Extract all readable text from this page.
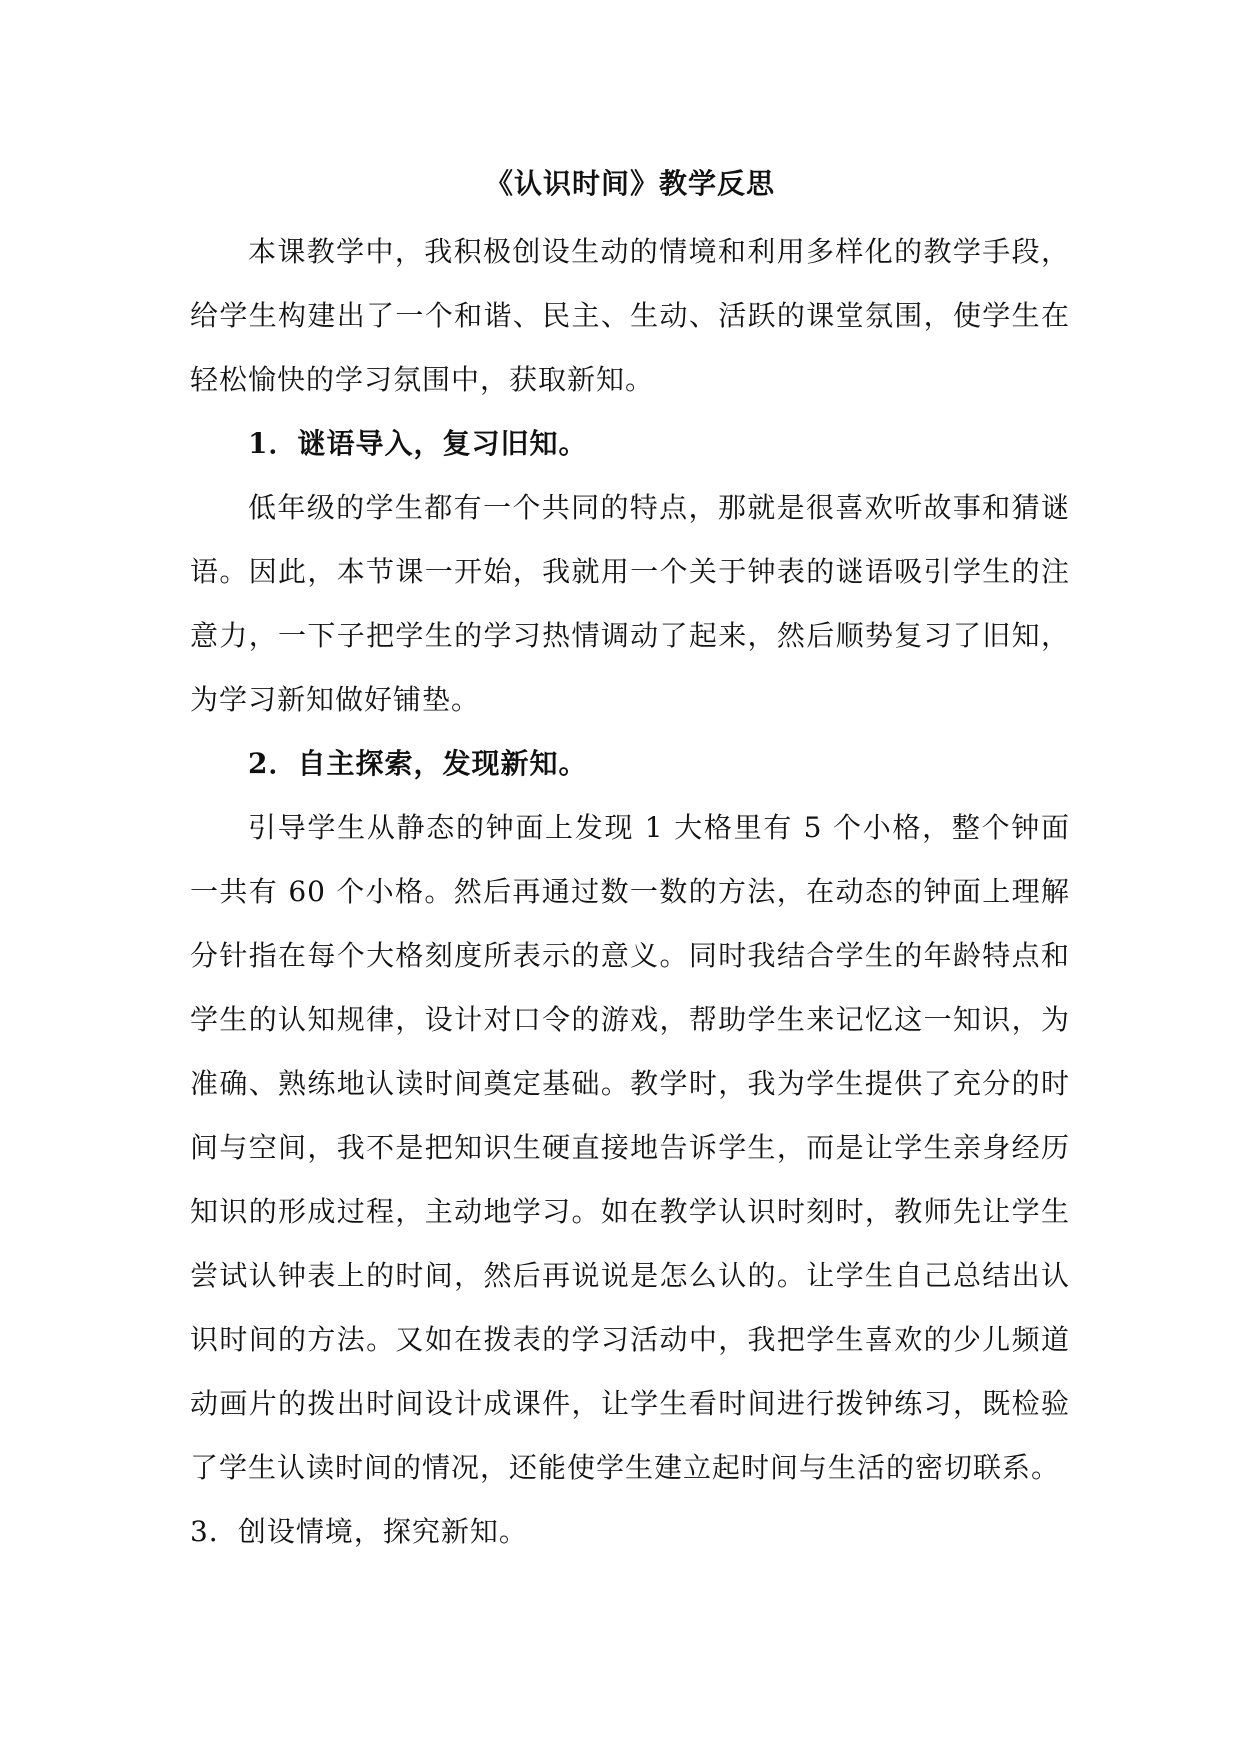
《认识时间》教学反思

本课教学中，我积极创设生动的情境和利用多样化的教学手段，给学生构建出了一个和谐、民主、生动、活跃的课堂氛围，使学生在轻松愉快的学习氛围中，获取新知。

1．谜语导入，复习旧知。

低年级的学生都有一个共同的特点，那就是很喜欢听故事和猜谜语。因此，本节课一开始，我就用一个关于钟表的谜语吸引学生的注意力，一下子把学生的学习热情调动了起来，然后顺势复习了旧知，为学习新知做好铺垫。

2．自主探索，发现新知。

引导学生从静态的钟面上发现 1 大格里有 5 个小格，整个钟面一共有 60 个小格。然后再通过数一数的方法，在动态的钟面上理解分针指在每个大格刻度所表示的意义。同时我结合学生的年龄特点和学生的认知规律，设计对口令的游戏，帮助学生来记忆这一知识，为准确、熟练地认读时间奠定基础。教学时，我为学生提供了充分的时间与空间，我不是把知识生硬直接地告诉学生，而是让学生亲身经历知识的形成过程，主动地学习。如在教学认识时刻时，教师先让学生尝试认钟表上的时间，然后再说说是怎么认的。让学生自己总结出认识时间的方法。又如在拨表的学习活动中，我把学生喜欢的少儿频道动画片的拨出时间设计成课件，让学生看时间进行拨钟练习，既检验了学生认读时间的情况，还能使学生建立起时间与生活的密切联系。

3．创设情境，探究新知。
